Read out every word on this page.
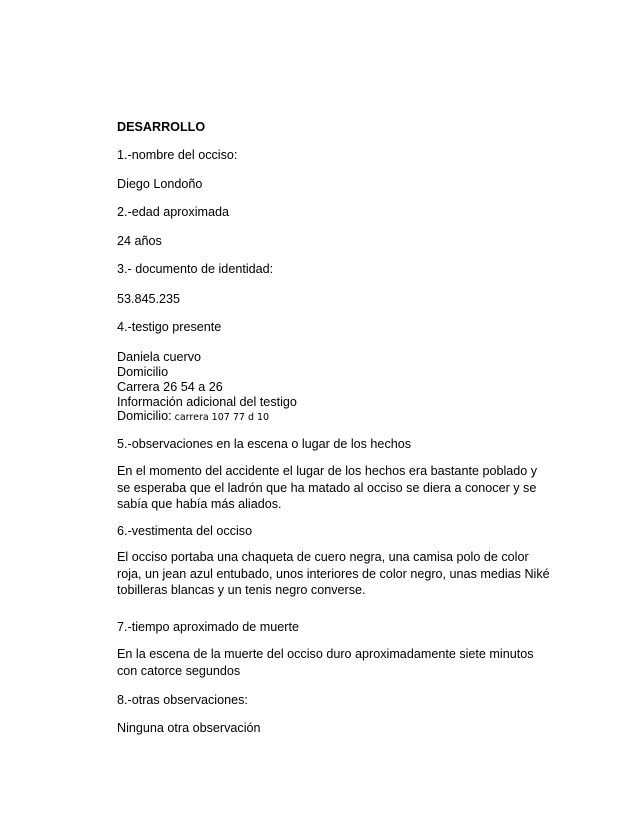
DESARROLLO
1.-nombre del occiso:
Diego Londoño
2.-edad aproximada
24 años
3.- documento de identidad:
53.845.235
4.-testigo presente
Daniela cuervo
Domicilio
Carrera 26 54 a 26
Información adicional del testigo
Domicilio: carrera 107 77 d 10
5.-observaciones en la escena o lugar de los hechos
En el momento del accidente el lugar de los hechos era bastante poblado y
se esperaba que el ladrón que ha matado al occiso se diera a conocer y se
sabía que había más aliados.
6.-vestimenta del occiso
El occiso portaba una chaqueta de cuero negra, una camisa polo de color
roja, un jean azul entubado, unos interiores de color negro, unas medias Niké
tobilleras blancas y un tenis negro converse.
7.-tiempo aproximado de muerte
En la escena de la muerte del occiso duro aproximadamente siete minutos
con catorce segundos
8.-otras observaciones:
Ninguna otra observación
